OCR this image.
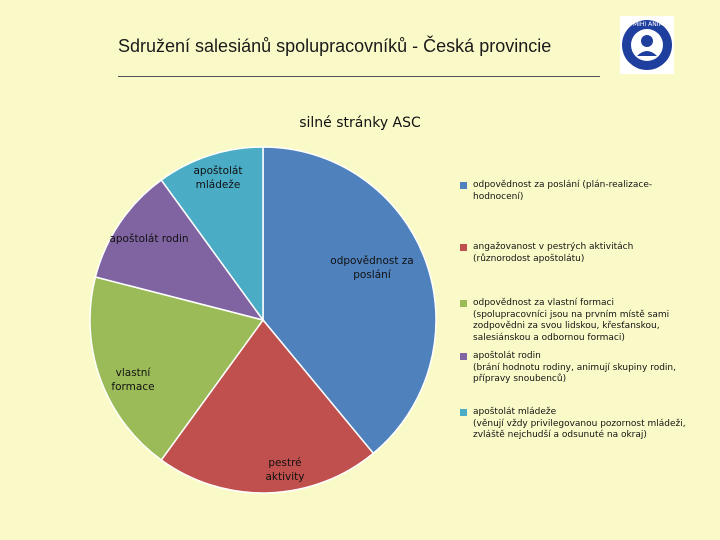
Sdružení salesiánů spolupracovníků - Česká provincie
DA MIHI ANIMAS
silné stránky ASC
odpovědnost za poslání
pestré aktivity
vlastní formace
apoštolát rodin
apoštolát mládeže	odpovědnost za poslání (plán-realizace-
hodnocení)
angažovanost v pestrých aktivitách
(různorodost apoštolátu)
odpovědnost za vlastní formaci
(spolupracovníci jsou na prvním místě sami
zodpovědni za svou lidskou, křesťanskou,
salesiánskou a odbornou formaci)
apoštolát rodin
(brání hodnotu rodiny, animují skupiny rodin,
přípravy snoubenců)
apoštolát mládeže
(věnují vždy privilegovanou pozornost mládeži,
zvláště nejchudší a odsunuté na okraj)
